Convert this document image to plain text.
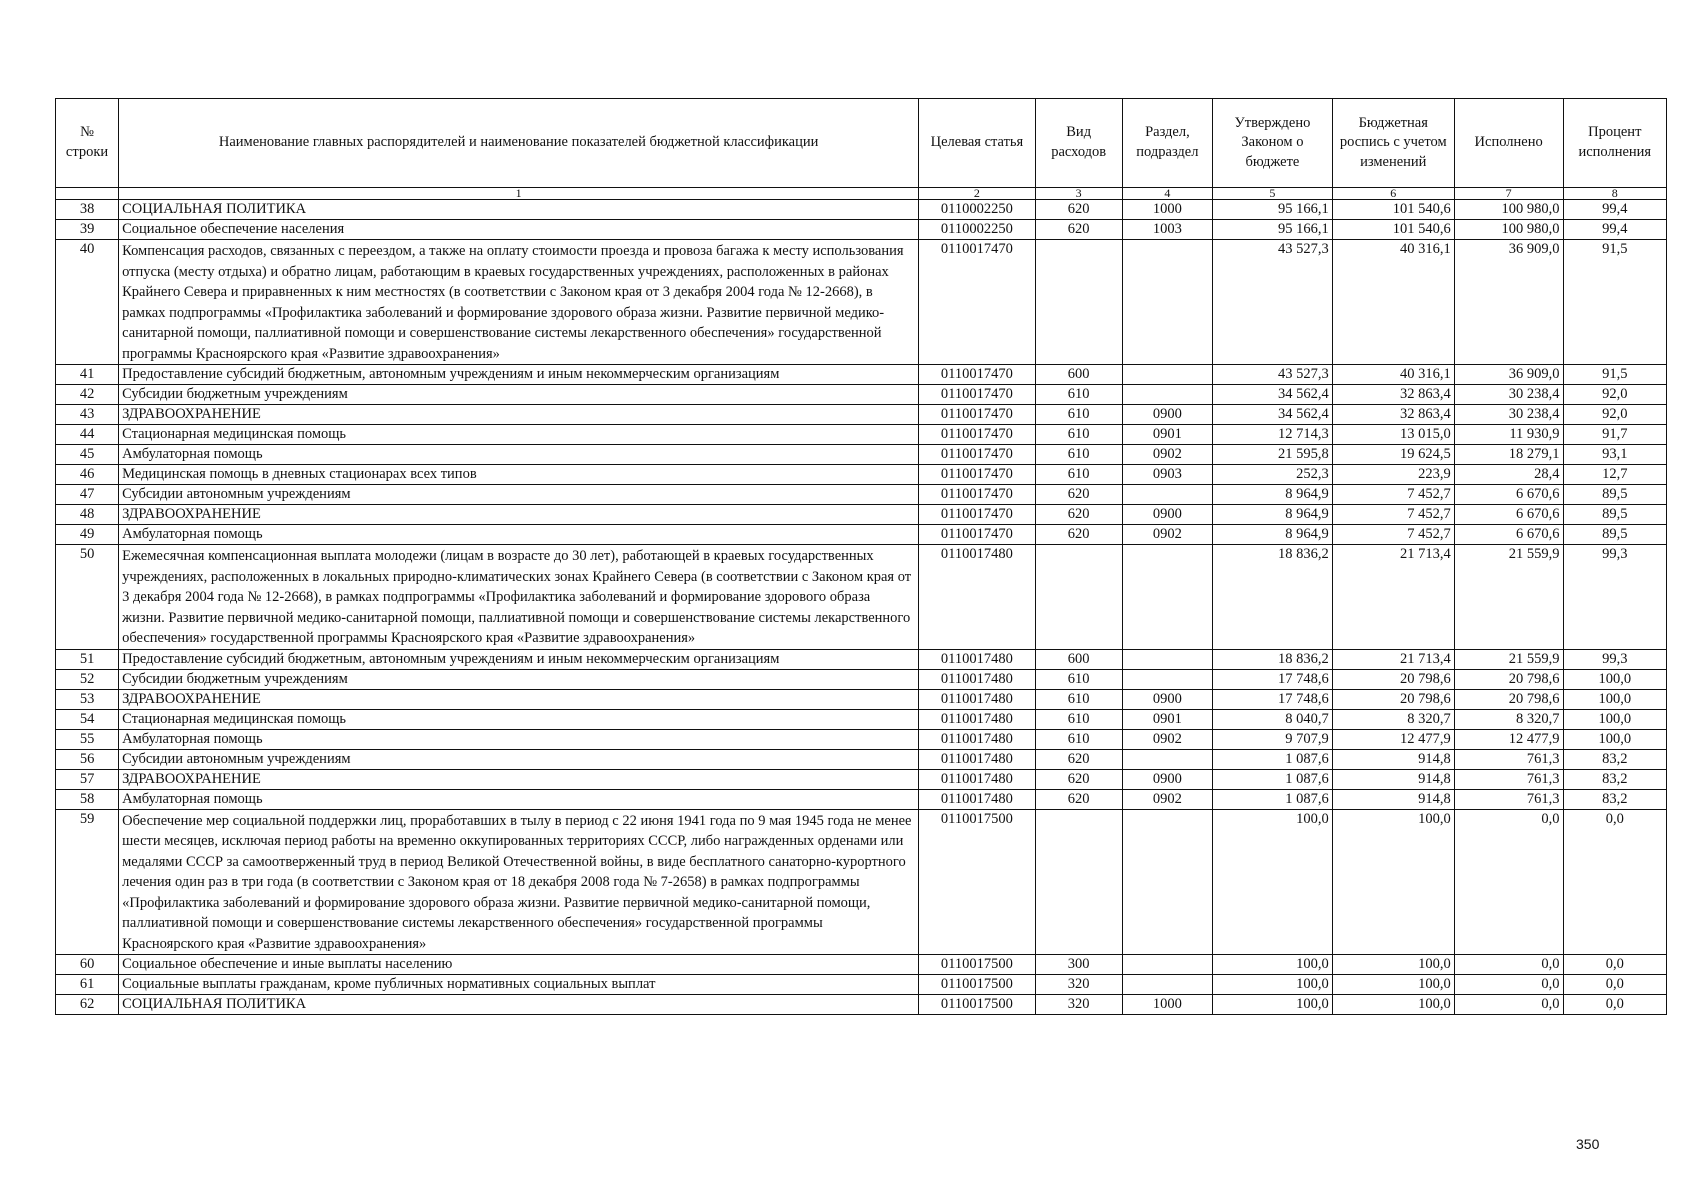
№ строки	Наименование главных распорядителей и наименование показателей бюджетной классификации	Целевая статья	Вид расходов	Раздел, подраздел	Утверждено Законом о бюджете	Бюджетная роспись с учетом изменений	Исполнено	Процент исполнения
	1	2	3	4	5	6	7	8
38	СОЦИАЛЬНАЯ ПОЛИТИКА	0110002250	620	1000	95 166,1	101 540,6	100 980,0	99,4
39	Социальное обеспечение населения	0110002250	620	1003	95 166,1	101 540,6	100 980,0	99,4
40	Компенсация расходов, связанных с переездом, а также на оплату стоимости проезда и провоза багажа к месту использования отпуска (месту отдыха) и обратно лицам, работающим в краевых государственных учреждениях, расположенных в районах Крайнего Севера и приравненных к ним местностях (в соответствии с Законом края от 3 декабря 2004 года № 12-2668), в рамках подпрограммы «Профилактика заболеваний и формирование здорового образа жизни. Развитие первичной медико-санитарной помощи, паллиативной помощи и совершенствование системы лекарственного обеспечения» государственной программы Красноярского края «Развитие здравоохранения»	0110017470			43 527,3	40 316,1	36 909,0	91,5
41	Предоставление субсидий бюджетным, автономным учреждениям и иным некоммерческим организациям	0110017470	600		43 527,3	40 316,1	36 909,0	91,5
42	Субсидии бюджетным учреждениям	0110017470	610		34 562,4	32 863,4	30 238,4	92,0
43	ЗДРАВООХРАНЕНИЕ	0110017470	610	0900	34 562,4	32 863,4	30 238,4	92,0
44	Стационарная медицинская помощь	0110017470	610	0901	12 714,3	13 015,0	11 930,9	91,7
45	Амбулаторная помощь	0110017470	610	0902	21 595,8	19 624,5	18 279,1	93,1
46	Медицинская помощь в дневных стационарах всех типов	0110017470	610	0903	252,3	223,9	28,4	12,7
47	Субсидии автономным учреждениям	0110017470	620		8 964,9	7 452,7	6 670,6	89,5
48	ЗДРАВООХРАНЕНИЕ	0110017470	620	0900	8 964,9	7 452,7	6 670,6	89,5
49	Амбулаторная помощь	0110017470	620	0902	8 964,9	7 452,7	6 670,6	89,5
50	Ежемесячная компенсационная выплата молодежи (лицам в возрасте до 30 лет), работающей в краевых государственных учреждениях, расположенных в локальных природно-климатических зонах Крайнего Севера (в соответствии с Законом края от 3 декабря 2004 года № 12-2668), в рамках подпрограммы «Профилактика заболеваний и формирование здорового образа жизни. Развитие первичной медико-санитарной помощи, паллиативной помощи и совершенствование системы лекарственного обеспечения» государственной программы Красноярского края «Развитие здравоохранения»	0110017480			18 836,2	21 713,4	21 559,9	99,3
51	Предоставление субсидий бюджетным, автономным учреждениям и иным некоммерческим организациям	0110017480	600		18 836,2	21 713,4	21 559,9	99,3
52	Субсидии бюджетным учреждениям	0110017480	610		17 748,6	20 798,6	20 798,6	100,0
53	ЗДРАВООХРАНЕНИЕ	0110017480	610	0900	17 748,6	20 798,6	20 798,6	100,0
54	Стационарная медицинская помощь	0110017480	610	0901	8 040,7	8 320,7	8 320,7	100,0
55	Амбулаторная помощь	0110017480	610	0902	9 707,9	12 477,9	12 477,9	100,0
56	Субсидии автономным учреждениям	0110017480	620		1 087,6	914,8	761,3	83,2
57	ЗДРАВООХРАНЕНИЕ	0110017480	620	0900	1 087,6	914,8	761,3	83,2
58	Амбулаторная помощь	0110017480	620	0902	1 087,6	914,8	761,3	83,2
59	Обеспечение мер социальной поддержки лиц, проработавших в тылу в период с 22 июня 1941 года по 9 мая 1945 года не менее шести месяцев, исключая период работы на временно оккупированных территориях СССР, либо награжденных орденами или медалями СССР за самоотверженный труд в период Великой Отечественной войны, в виде бесплатного санаторно-курортного лечения один раз в три года (в соответствии с Законом края от 18 декабря 2008 года № 7-2658) в рамках подпрограммы «Профилактика заболеваний и формирование здорового образа жизни. Развитие первичной медико-санитарной помощи, паллиативной помощи и совершенствование системы лекарственного обеспечения» государственной программы Красноярского края «Развитие здравоохранения»	0110017500			100,0	100,0	0,0	0,0
60	Социальное обеспечение и иные выплаты населению	0110017500	300		100,0	100,0	0,0	0,0
61	Социальные выплаты гражданам, кроме публичных нормативных социальных выплат	0110017500	320		100,0	100,0	0,0	0,0
62	СОЦИАЛЬНАЯ ПОЛИТИКА	0110017500	320	1000	100,0	100,0	0,0	0,0
350
